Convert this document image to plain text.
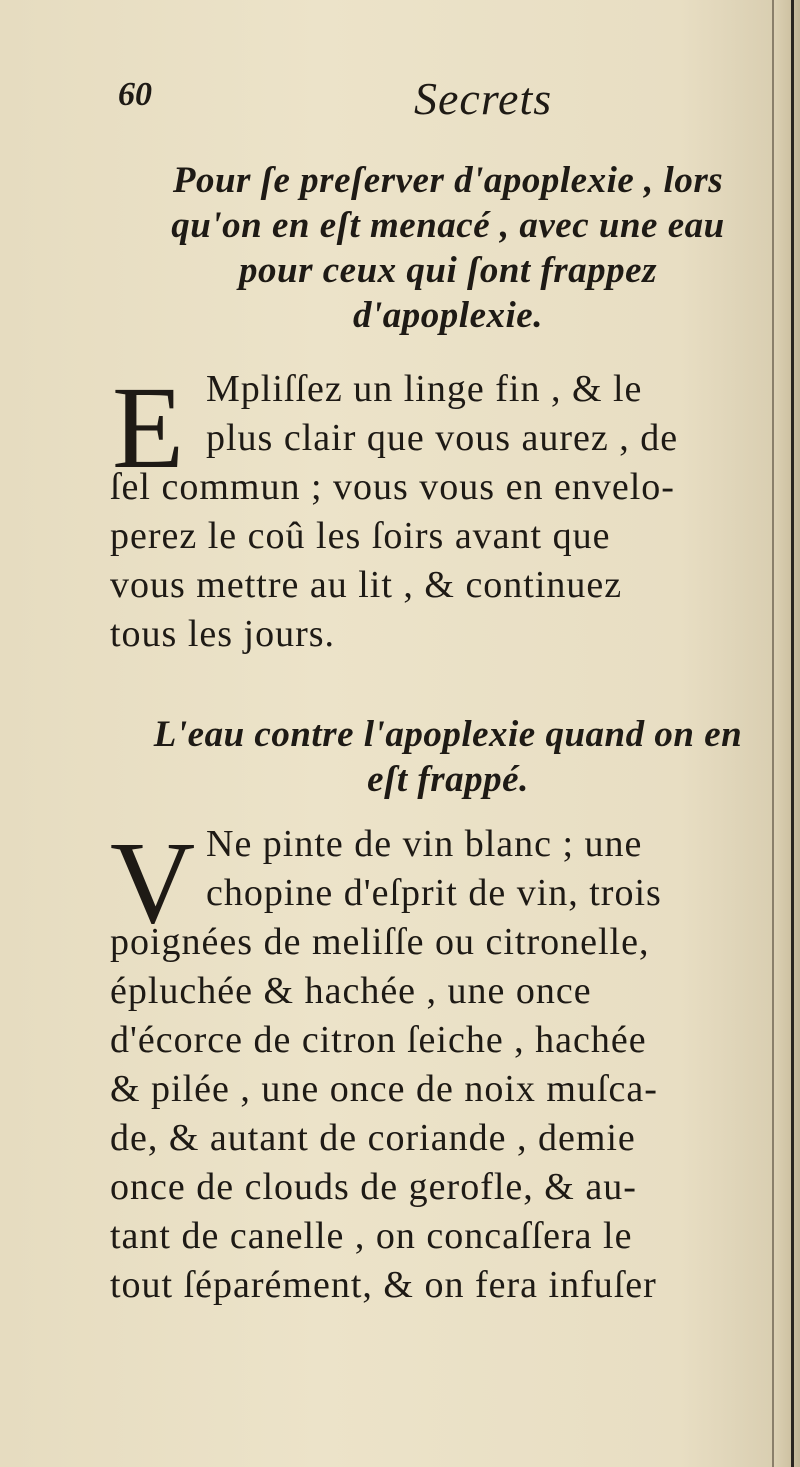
60	Secrets
Pour ſe preſerver d'apoplexie , lors
qu'on en eſt menacé , avec une eau
pour ceux qui ſont frappez
d'apoplexie.
E Mpliſſez un linge fin , & le
plus clair que vous aurez , de
ſel commun ; vous vous en envelo-
perez le coû les ſoirs avant que
vous mettre au lit , & continuez
tous les jours.
L'eau contre l'apoplexie quand on en
eſt frappé.
V Ne pinte de vin blanc ; une
chopine d'eſprit de vin, trois
poignées de meliſſe ou citronelle,
épluchée & hachée , une once
d'écorce de citron ſeiche , hachée
& pilée , une once de noix muſca-
de, & autant de coriande , demie
once de clouds de gerofle, & au-
tant de canelle , on concaſſera le
tout ſéparément, & on fera infuſer
